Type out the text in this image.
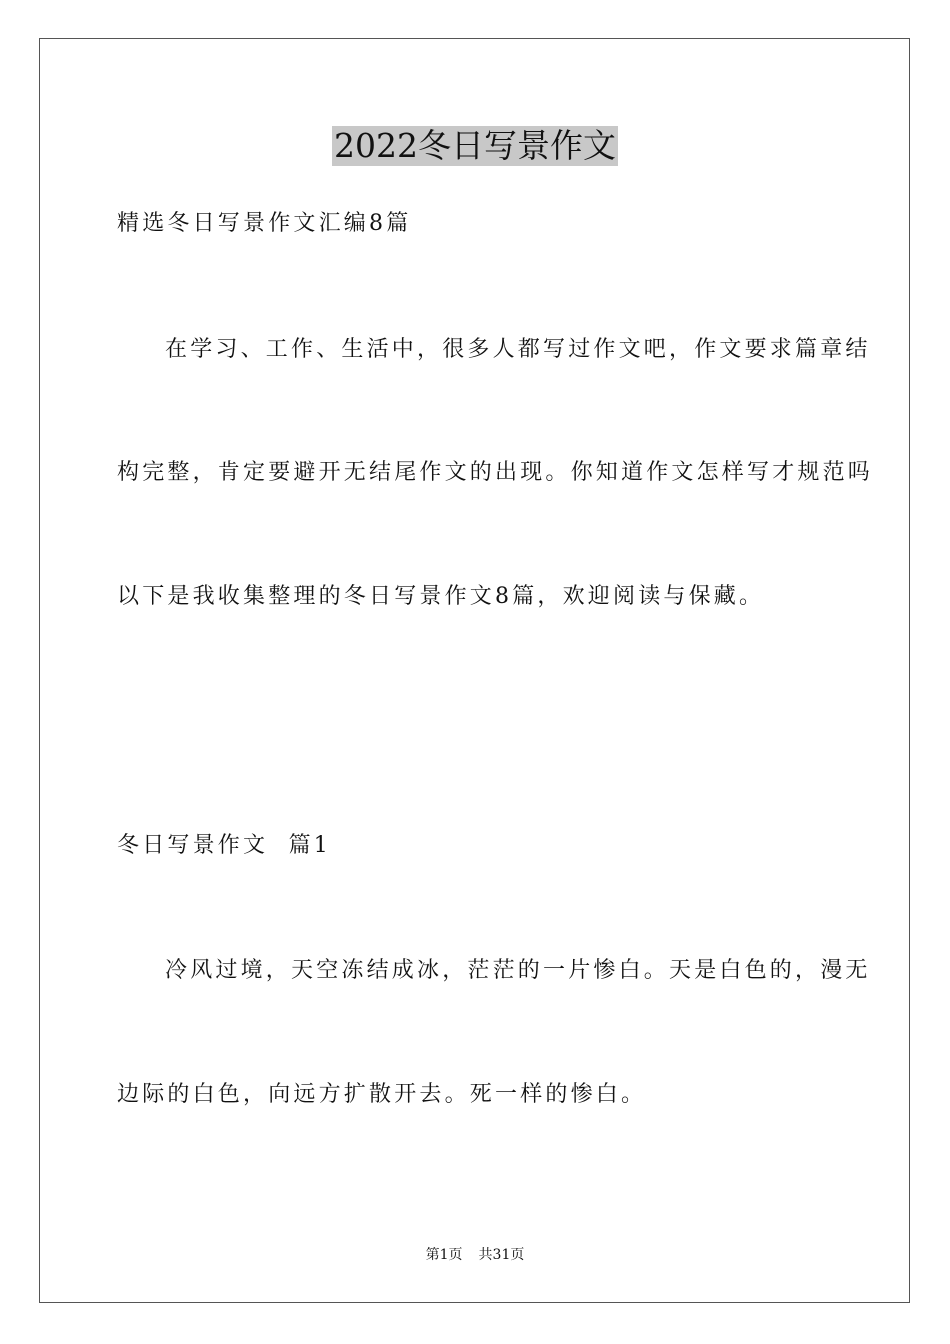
2022冬日写景作文
精选冬日写景作文汇编8篇
在学习、工作、生活中，很多人都写过作文吧，作文要求篇章结
构完整，肯定要避开无结尾作文的出现。你知道作文怎样写才规范吗
以下是我收集整理的冬日写景作文8篇，欢迎阅读与保藏。
冬日写景作文  篇1
冷风过境，天空冻结成冰，茫茫的一片惨白。天是白色的，漫无
边际的白色，向远方扩散开去。死一样的惨白。
第1页 共31页
